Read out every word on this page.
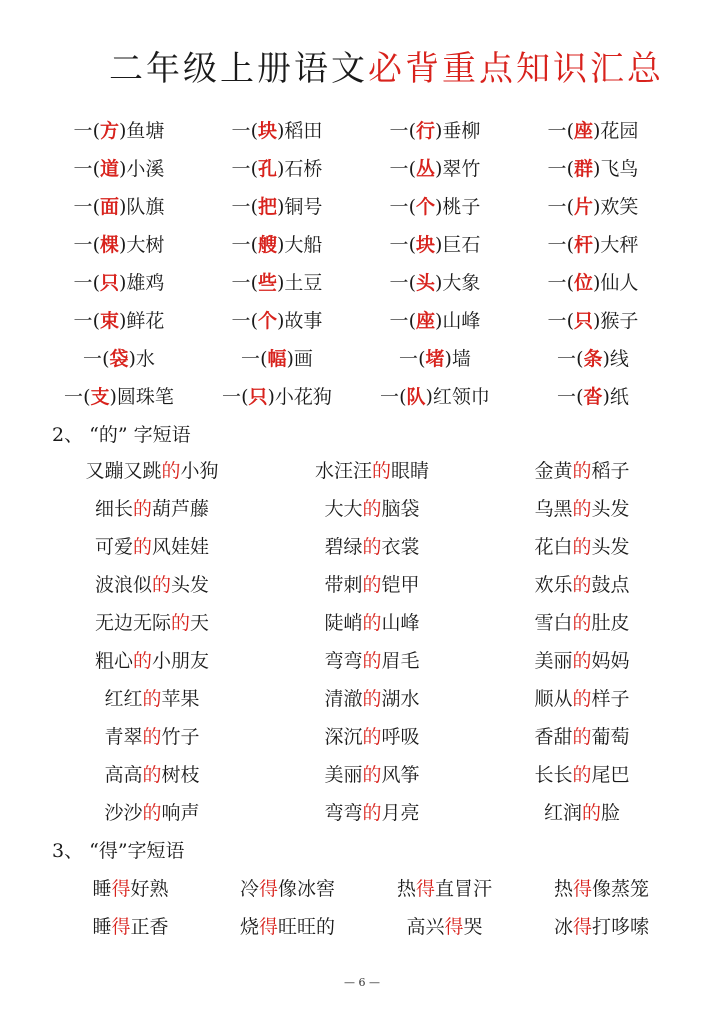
二年级上册语文必背重点知识汇总
一(方)鱼塘	一(块)稻田	一(行)垂柳	一(座)花园
一(道)小溪	一(孔)石桥	一(丛)翠竹	一(群)飞鸟
一(面)队旗	一(把)铜号	一(个)桃子	一(片)欢笑
一(棵)大树	一(艘)大船	一(块)巨石	一(杆)大秤
一(只)雄鸡	一(些)土豆	一(头)大象	一(位)仙人
一(束)鲜花	一(个)故事	一(座)山峰	一(只)猴子
一(袋)水	一(幅)画	一(堵)墙	一(条)线
一(支)圆珠笔	一(只)小花狗	一(队)红领巾	一(沓)纸
2、 “的” 字短语
又蹦又跳的小狗	水汪汪的眼睛	金黄的稻子
细长的葫芦藤	大大的脑袋	乌黑的头发
可爱的风娃娃	碧绿的衣裳	花白的头发
波浪似的头发	带刺的铠甲	欢乐的鼓点
无边无际的天	陡峭的山峰	雪白的肚皮
粗心的小朋友	弯弯的眉毛	美丽的妈妈
红红的苹果	清澈的湖水	顺从的样子
青翠的竹子	深沉的呼吸	香甜的葡萄
高高的树枝	美丽的风筝	长长的尾巴
沙沙的响声	弯弯的月亮	红润的脸
3、 “得”字短语
睡得好熟	冷得像冰窖	热得直冒汗	热得像蒸笼
睡得正香	烧得旺旺的	高兴得哭	冰得打哆嗦
— 6 —
